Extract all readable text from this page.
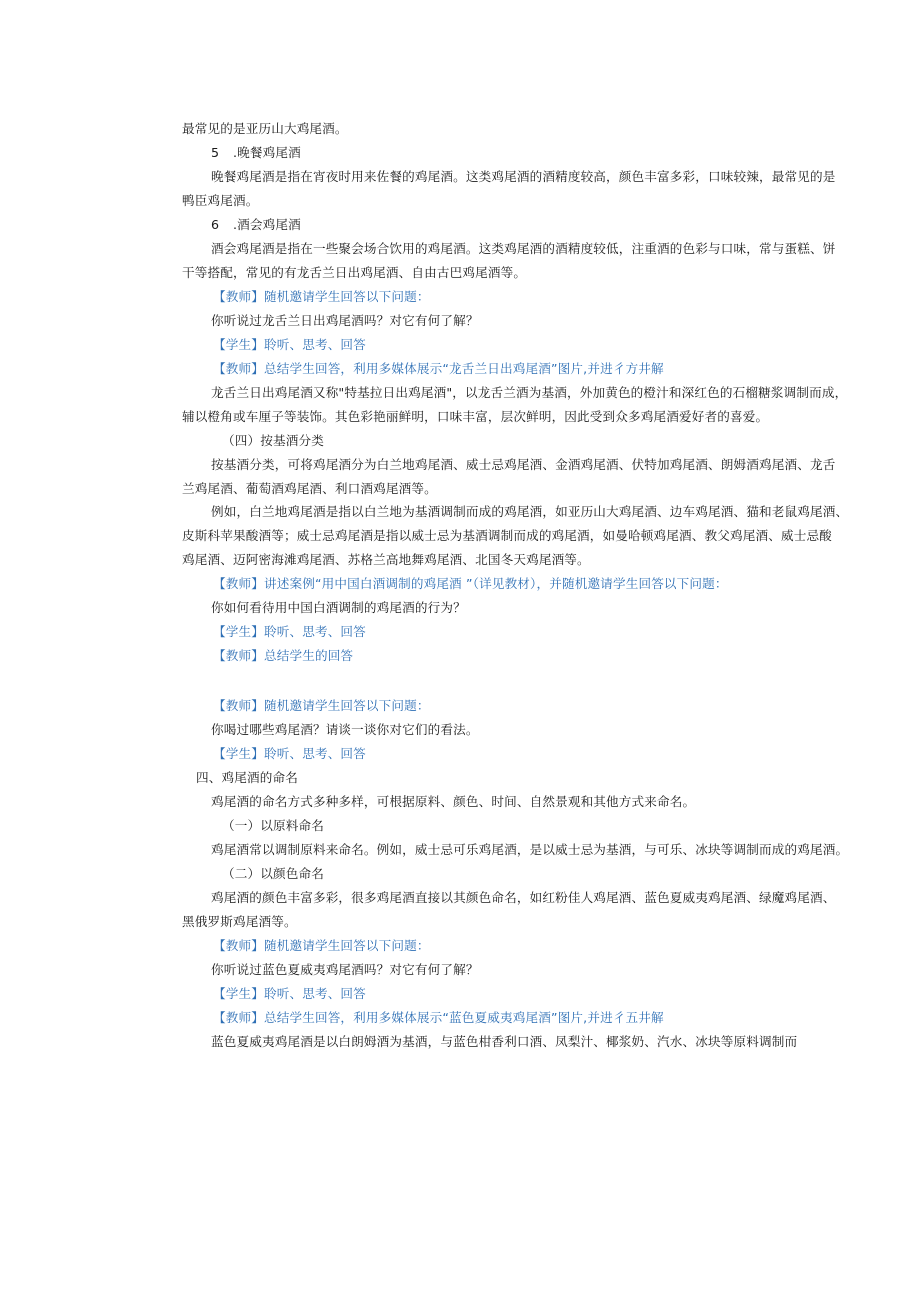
最常见的是亚历山大鸡尾酒。
5 .晚餐鸡尾酒
晚餐鸡尾酒是指在宵夜时用来佐餐的鸡尾酒。这类鸡尾酒的酒精度较高，颜色丰富多彩，口味较辣，最常见的是
鸭臣鸡尾酒。
6 .酒会鸡尾酒
酒会鸡尾酒是指在一些聚会场合饮用的鸡尾酒。这类鸡尾酒的酒精度较低，注重酒的色彩与口味，常与蛋糕、饼
干等搭配，常见的有龙舌兰日出鸡尾酒、自由古巴鸡尾酒等。
【教师】随机邀请学生回答以下问题：
你听说过龙舌兰日出鸡尾酒吗？对它有何了解？
【学生】聆听、思考、回答
【教师】总结学生回答，利用多媒体展示“龙舌兰日出鸡尾酒”图片,并进彳方井解
龙舌兰日出鸡尾酒又称"特基拉日出鸡尾酒"，以龙舌兰酒为基酒，外加黄色的橙汁和深红色的石榴糖浆调制而成，
辅以橙角或车厘子等装饰。其色彩艳丽鲜明，口味丰富，层次鲜明，因此受到众多鸡尾酒爱好者的喜爱。
（四）按基酒分类
按基酒分类，可将鸡尾酒分为白兰地鸡尾酒、威士忌鸡尾酒、金酒鸡尾酒、伏特加鸡尾酒、朗姆酒鸡尾酒、龙舌
兰鸡尾酒、葡萄酒鸡尾酒、利口酒鸡尾酒等。
例如，白兰地鸡尾酒是指以白兰地为基酒调制而成的鸡尾酒，如亚历山大鸡尾酒、边车鸡尾酒、猫和老鼠鸡尾酒、
皮斯科苹果酸酒等；威士忌鸡尾酒是指以威士忌为基酒调制而成的鸡尾酒，如曼哈顿鸡尾酒、教父鸡尾酒、威士忌酸
鸡尾酒、迈阿密海滩鸡尾酒、苏格兰高地舞鸡尾酒、北国冬天鸡尾酒等。
【教师】讲述案例“用中国白酒调制的鸡尾酒 ”（详见教材），并随机邀请学生回答以下问题：
你如何看待用中国白酒调制的鸡尾酒的行为？
【学生】聆听、思考、回答
【教师】总结学生的回答
【教师】随机邀请学生回答以下问题：
你喝过哪些鸡尾酒？请谈一谈你对它们的看法。
【学生】聆听、思考、回答
四、鸡尾酒的命名
鸡尾酒的命名方式多种多样，可根据原料、颜色、时间、自然景观和其他方式来命名。
（一）以原料命名
鸡尾酒常以调制原料来命名。例如，威士忌可乐鸡尾酒，是以威士忌为基酒，与可乐、冰块等调制而成的鸡尾酒。
（二）以颜色命名
鸡尾酒的颜色丰富多彩，很多鸡尾酒直接以其颜色命名，如红粉佳人鸡尾酒、蓝色夏威夷鸡尾酒、绿魔鸡尾酒、
黑俄罗斯鸡尾酒等。
【教师】随机邀请学生回答以下问题：
你听说过蓝色夏威夷鸡尾酒吗？对它有何了解？
【学生】聆听、思考、回答
【教师】总结学生回答，利用多媒体展示“蓝色夏威夷鸡尾酒”图片,并进彳五井解
蓝色夏威夷鸡尾酒是以白朗姆酒为基酒，与蓝色柑香利口酒、凤梨汁、椰浆奶、汽水、冰块等原料调制而
